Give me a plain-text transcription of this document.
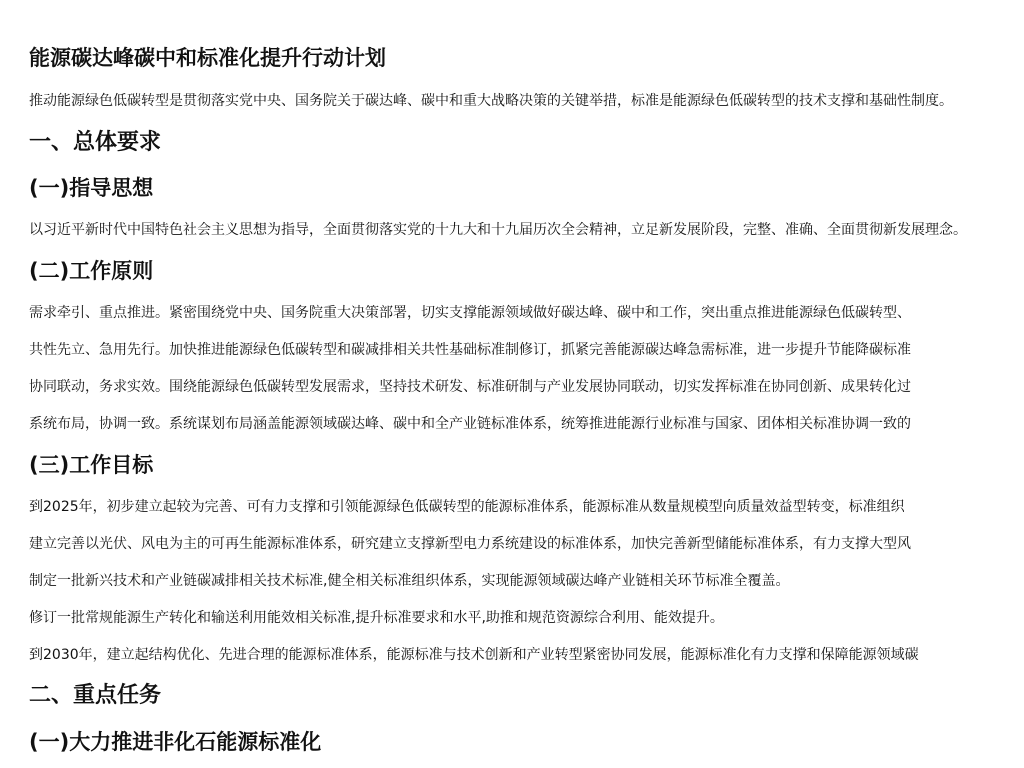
能源碳达峰碳中和标准化提升行动计划

推动能源绿色低碳转型是贯彻落实党中央、国务院关于碳达峰、碳中和重大战略决策的关键举措，标准是能源绿色低碳转型的技术支撑和基础性制度。

一、总体要求
(一)指导思想

以习近平新时代中国特色社会主义思想为指导，全面贯彻落实党的十九大和十九届历次全会精神，立足新发展阶段，完整、准确、全面贯彻新发展理念。

(二)工作原则

需求牵引、重点推进。紧密围绕党中央、国务院重大决策部署，切实支撑能源领域做好碳达峰、碳中和工作，突出重点推进能源绿色低碳转型、

共性先立、急用先行。加快推进能源绿色低碳转型和碳减排相关共性基础标准制修订，抓紧完善能源碳达峰急需标准，进一步提升节能降碳标准

协同联动，务求实效。围绕能源绿色低碳转型发展需求，坚持技术研发、标准研制与产业发展协同联动，切实发挥标准在协同创新、成果转化过

系统布局，协调一致。系统谋划布局涵盖能源领域碳达峰、碳中和全产业链标准体系，统筹推进能源行业标准与国家、团体相关标准协调一致的

(三)工作目标

到2025年，初步建立起较为完善、可有力支撑和引领能源绿色低碳转型的能源标准体系，能源标准从数量规模型向质量效益型转变，标准组织

建立完善以光伏、风电为主的可再生能源标准体系，研究建立支撑新型电力系统建设的标准体系，加快完善新型储能标准体系，有力支撑大型风

制定一批新兴技术和产业链碳减排相关技术标准,健全相关标准组织体系，实现能源领域碳达峰产业链相关环节标准全覆盖。

修订一批常规能源生产转化和输送利用能效相关标准,提升标准要求和水平,助推和规范资源综合利用、能效提升。

到2030年，建立起结构优化、先进合理的能源标准体系，能源标准与技术创新和产业转型紧密协同发展，能源标准化有力支撑和保障能源领域碳

二、重点任务
(一)大力推进非化石能源标准化
